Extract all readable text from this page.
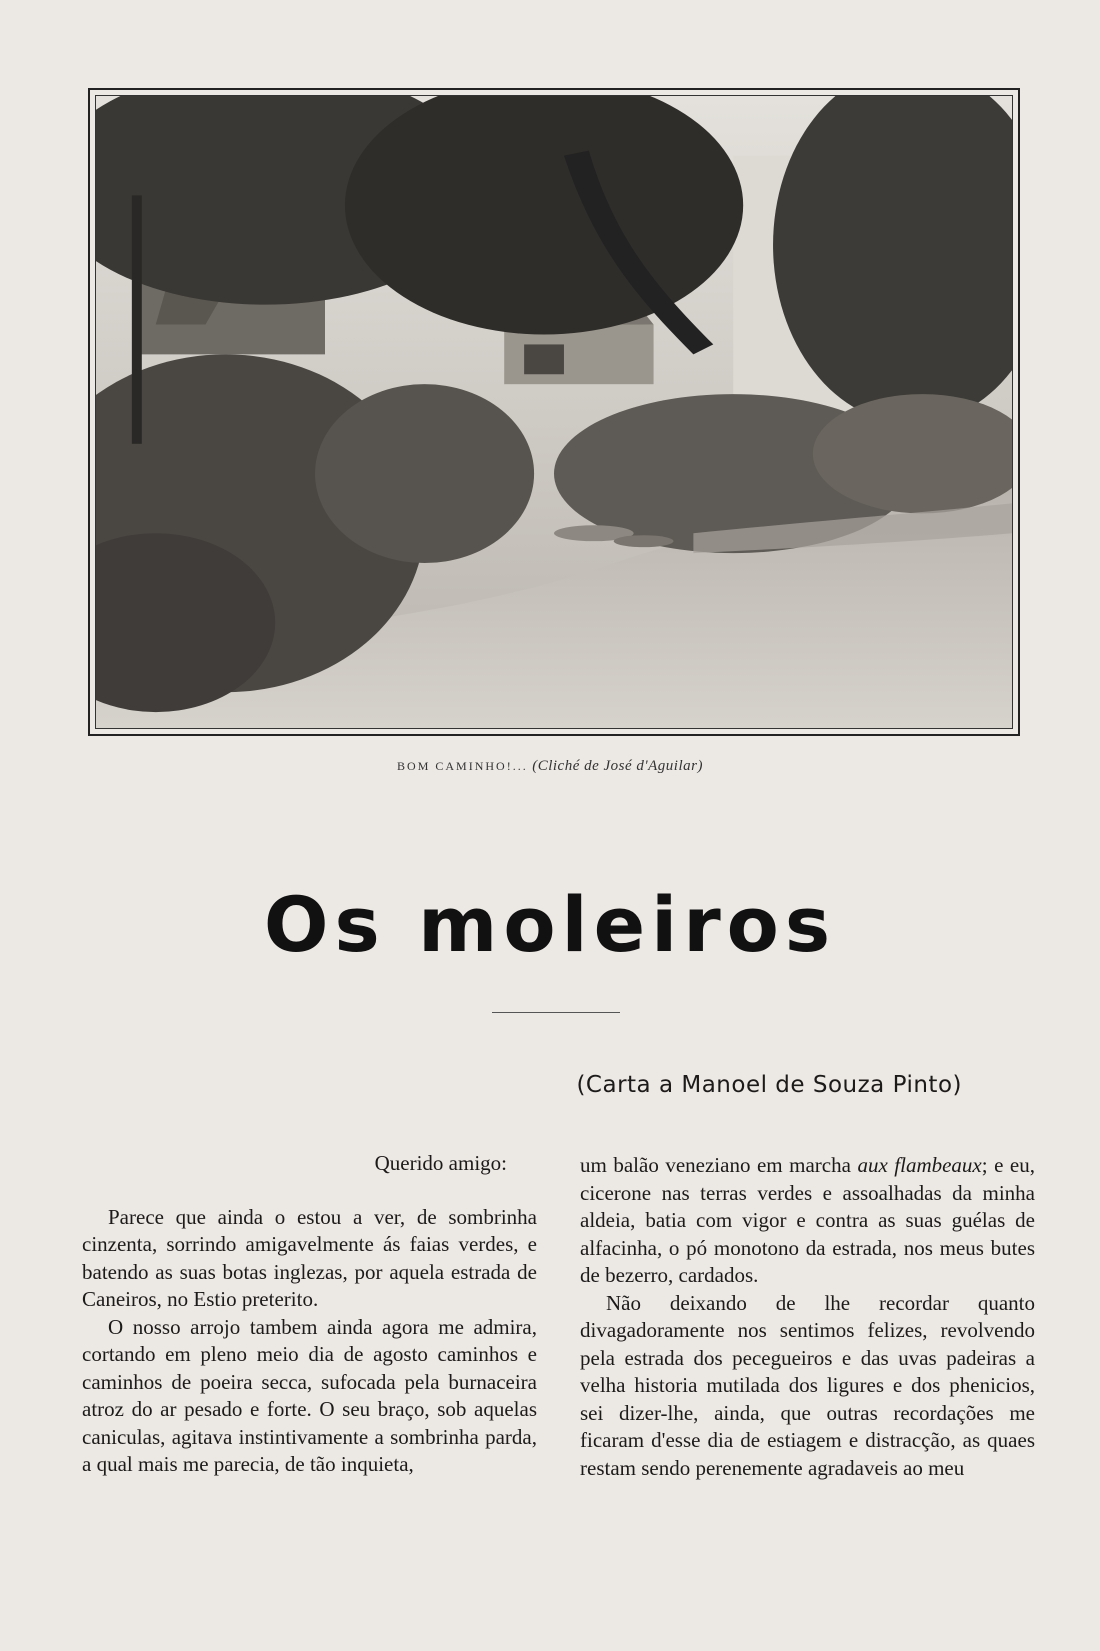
BOM CAMINHO!... (Cliché de José d'Aguilar)
Os moleiros
(Carta a Manoel de Souza Pinto)

Querido amigo:

Parece que ainda o estou a ver, de sombrinha cinzenta, sorrindo amigavelmente ás faias verdes, e batendo as suas botas inglezas, por aquela estrada de Caneiros, no Estio preterito.

O nosso arrojo tambem ainda agora me admira, cortando em pleno meio dia de agosto caminhos e caminhos de poeira secca, sufocada pela burnaceira atroz do ar pesado e forte. O seu braço, sob aquelas caniculas, agitava instintivamente a sombrinha parda, a qual mais me parecia, de tão inquieta,

um balão veneziano em marcha aux flambeaux; e eu, cicerone nas terras verdes e assoalhadas da minha aldeia, batia com vigor e contra as suas guélas de alfacinha, o pó monotono da estrada, nos meus butes de bezerro, cardados.

Não deixando de lhe recordar quanto divagadoramente nos sentimos felizes, revolvendo pela estrada dos pecegueiros e das uvas padeiras a velha historia mutilada dos ligures e dos phenicios, sei dizer-lhe, ainda, que outras recordações me ficaram d'esse dia de estiagem e distracção, as quaes restam sendo perenemente agradaveis ao meu
